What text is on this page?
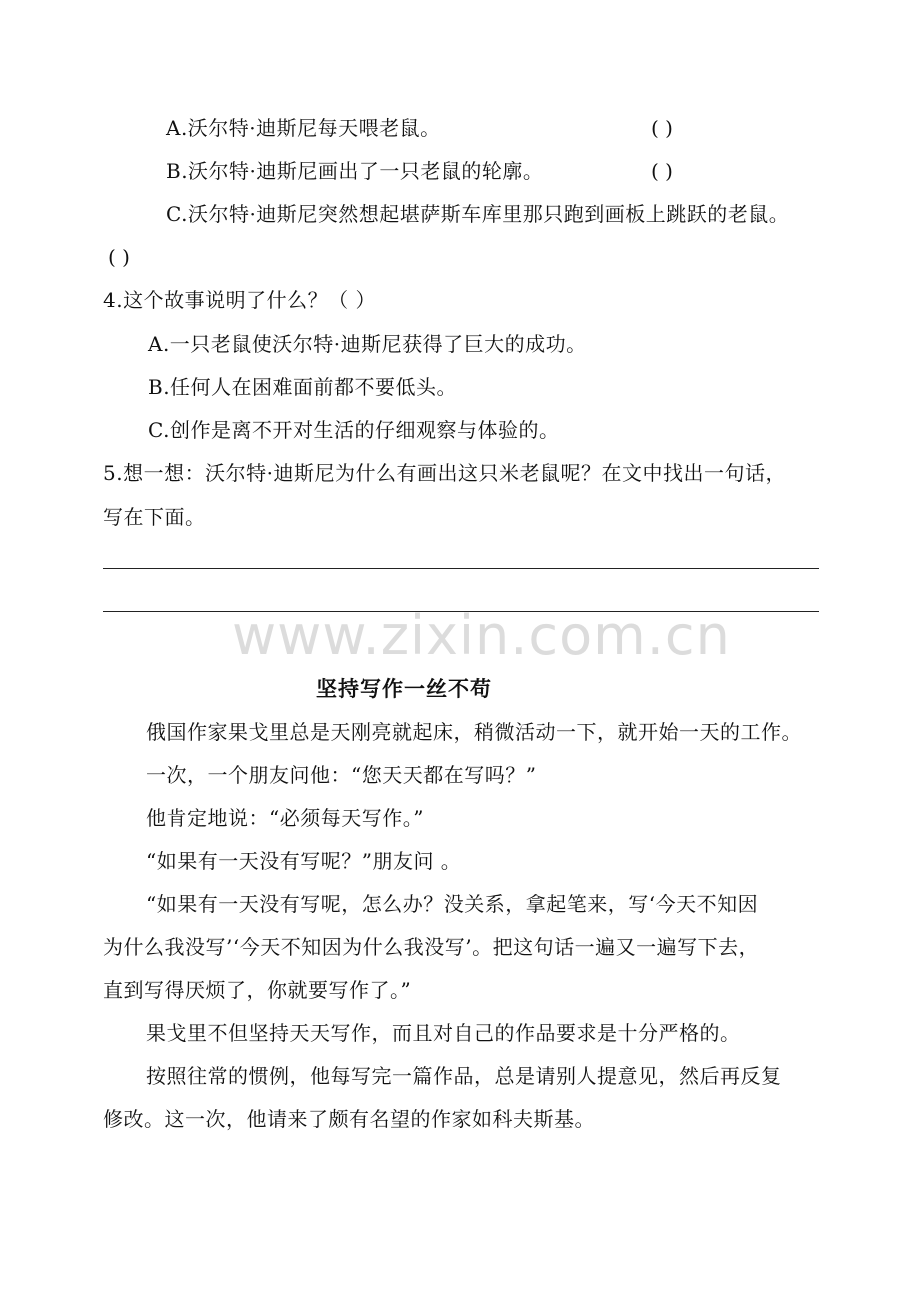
A.沃尔特·迪斯尼每天喂老鼠。	( )
B.沃尔特·迪斯尼画出了一只老鼠的轮廓。	( )
C.沃尔特·迪斯尼突然想起堪萨斯车库里那只跑到画板上跳跃的老鼠。
( )
4.这个故事说明了什么？（ ）
A.一只老鼠使沃尔特·迪斯尼获得了巨大的成功。
B.任何人在困难面前都不要低头。
C.创作是离不开对生活的仔细观察与体验的。
5.想一想：沃尔特·迪斯尼为什么有画出这只米老鼠呢？在文中找出一句话，
写在下面。
www.zixin.com.cn
坚持写作一丝不苟
俄国作家果戈里总是天刚亮就起床，稍微活动一下，就开始一天的工作。
一次，一个朋友问他：“您天天都在写吗？”
他肯定地说：“必须每天写作。”
“如果有一天没有写呢？”朋友问 。
“如果有一天没有写呢，怎么办？没关系，拿起笔来，写‘今天不知因
为什么我没写’‘今天不知因为什么我没写’。把这句话一遍又一遍写下去，
直到写得厌烦了，你就要写作了。”
果戈里不但坚持天天写作，而且对自己的作品要求是十分严格的。
按照往常的惯例，他每写完一篇作品，总是请别人提意见，然后再反复
修改。这一次，他请来了颇有名望的作家如科夫斯基。
